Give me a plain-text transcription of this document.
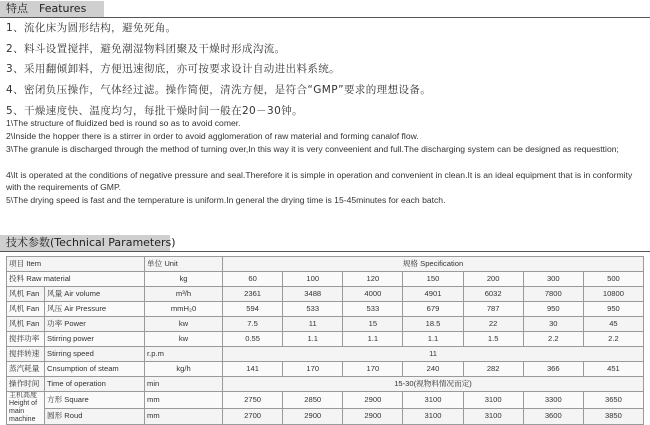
特点　Features
1、流化床为圆形结构，避免死角。
2、料斗设置搅拌，避免潮湿物料团聚及干燥时形成沟流。
3、采用翻倾卸料，方便迅速彻底，亦可按要求设计自动进出料系统。
4、密闭负压操作，气体经过滤。操作简便，清洗方便，是符合“GMP”要求的理想设备。
5、干燥速度快、温度均匀，每批干燥时间一般在20－30钟。
1\The structure of fluidized bed is round so as to avoid comer.
2\Inside the hopper there is a stirrer in order to avoid agglomeration of raw material and forming canalof flow.
3\The granule is discharged through the method of turning over,In this way it is very conveenient and full.The discharging system can be designed as requesttion;
4\It is operated at the conditions of negative pressure and seal.Therefore it is simple in operation and convenient in clean.It is an ideal equipment that is in conformity with the requirements of GMP.
5\The drying speed is fast and the temperature is uniform.In general the drying time is 15-45minutes for each batch.
技术参数(Technical Parameters)
项目 Item		单位 Unit	规格 Specification						
投料 Raw material		kg	60	100	120	150	200	300	500
风机 Fan	风量 Air volume	m³/h	2361	3488	4000	4901	6032	7800	10800
风机 Fan	风压 Air Pressure	mmH₂0	594	533	533	679	787	950	950
风机 Fan	功率 Power	kw	7.5	11	15	18.5	22	30	45
搅拌功率	Stirring power	kw	0.55	1.1	1.1	1.1	1.5	2.2	2.2
搅拌转速	Stirring speed	r.p.m	11						
蒸汽耗量	Cnsumption of steam	kg/h	141	170	170	240	282	366	451
操作时间	Time of operation	min	15-30(视物料情况而定)						
主机高度
Height of main machine	方形 Square	mm	2750	2850	2900	3100	3100	3300	3650
	圆形 Roud	mm	2700	2900	2900	3100	3100	3600	3850
